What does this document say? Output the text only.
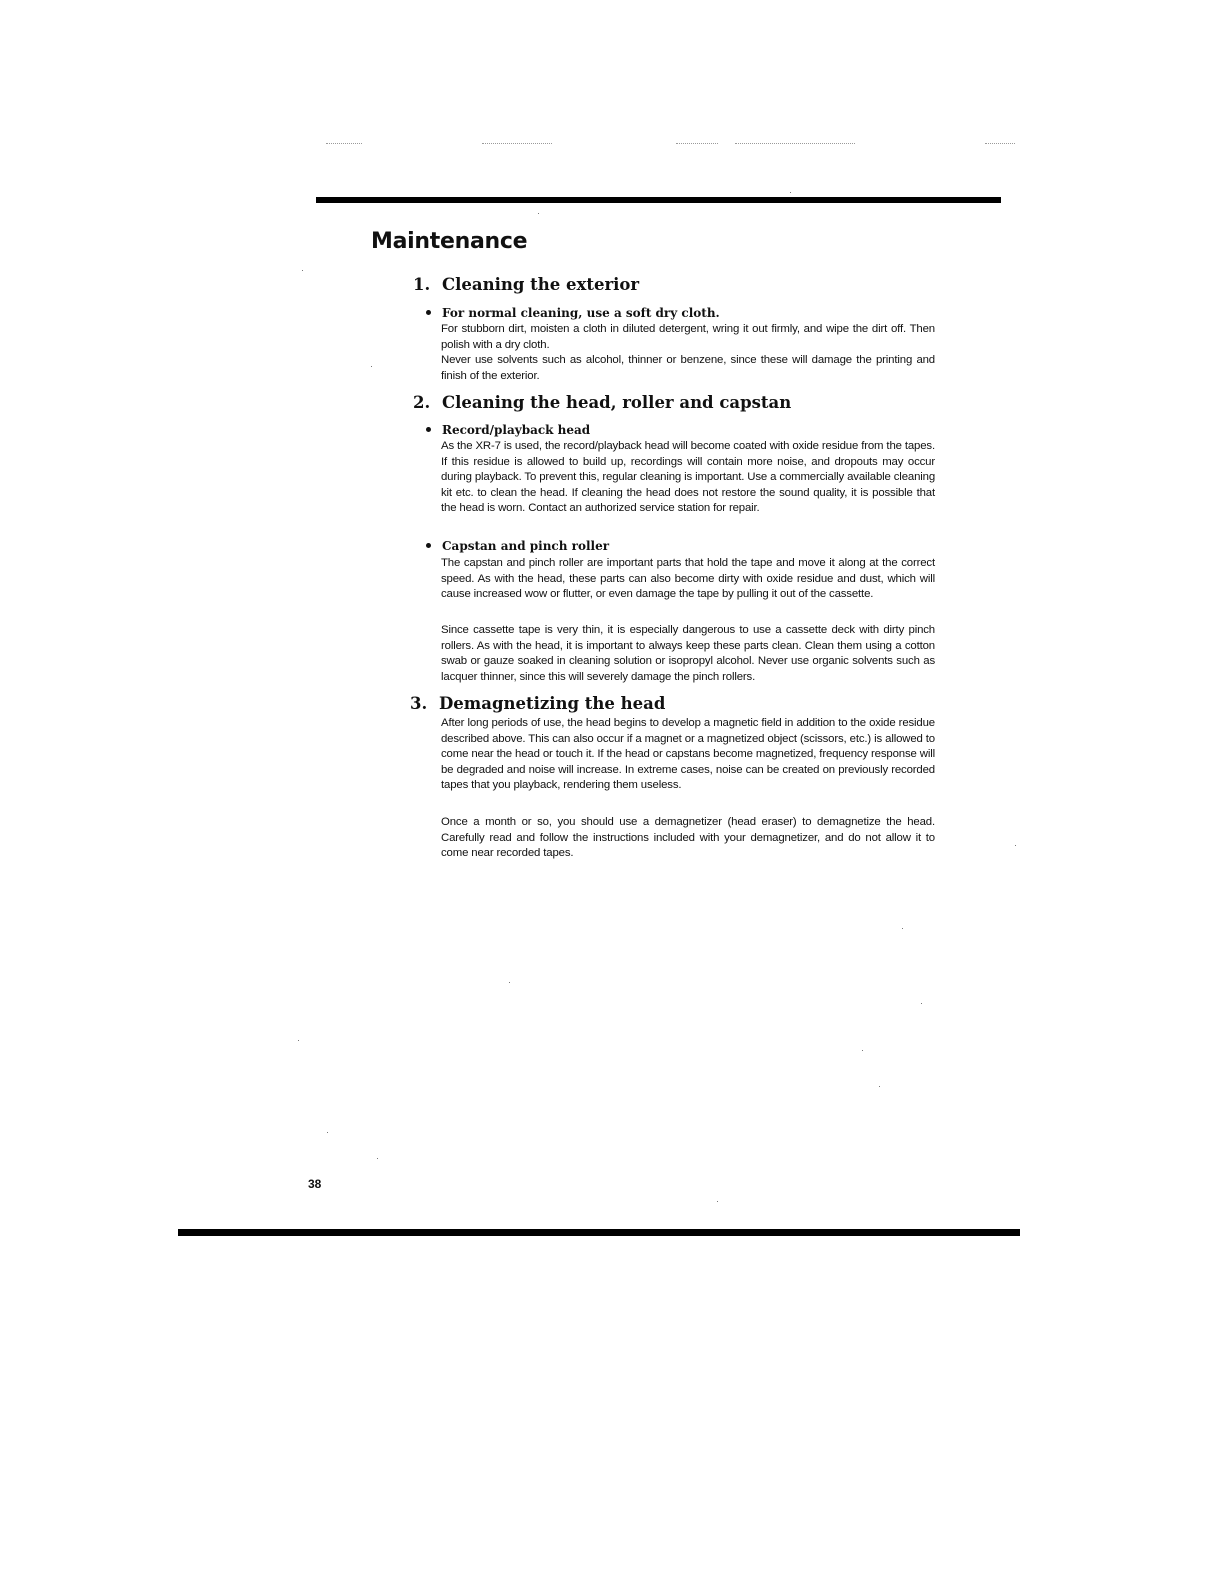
Maintenance
1. Cleaning the exterior
For normal cleaning, use a soft dry cloth.

For stubborn dirt, moisten a cloth in diluted detergent, wring it out firmly, and wipe the dirt off. Then polish with a dry cloth.

Never use solvents such as alcohol, thinner or benzene, since these will damage the printing and finish of the exterior.

2. Cleaning the head, roller and capstan
Record/playback head

As the XR-7 is used, the record/playback head will become coated with oxide residue from the tapes. If this residue is allowed to build up, recordings will contain more noise, and dropouts may occur during playback. To prevent this, regular cleaning is important. Use a commercially available cleaning kit etc. to clean the head. If cleaning the head does not restore the sound quality, it is possible that the head is worn. Contact an authorized service station for repair.

Capstan and pinch roller

The capstan and pinch roller are important parts that hold the tape and move it along at the correct speed. As with the head, these parts can also become dirty with oxide residue and dust, which will cause increased wow or flutter, or even damage the tape by pulling it out of the cassette.

Since cassette tape is very thin, it is especially dangerous to use a cassette deck with dirty pinch rollers. As with the head, it is important to always keep these parts clean. Clean them using a cotton swab or gauze soaked in cleaning solution or isopropyl alcohol. Never use organic solvents such as lacquer thinner, since this will severely damage the pinch rollers.

3. Demagnetizing the head

After long periods of use, the head begins to develop a magnetic field in addition to the oxide residue described above. This can also occur if a magnet or a magnetized object (scissors, etc.) is allowed to come near the head or touch it. If the head or capstans become magnetized, frequency response will be degraded and noise will increase. In extreme cases, noise can be created on previously recorded tapes that you playback, rendering them useless.

Once a month or so, you should use a demagnetizer (head eraser) to demagnetize the head. Carefully read and follow the instructions included with your demagnetizer, and do not allow it to come near recorded tapes.

38
